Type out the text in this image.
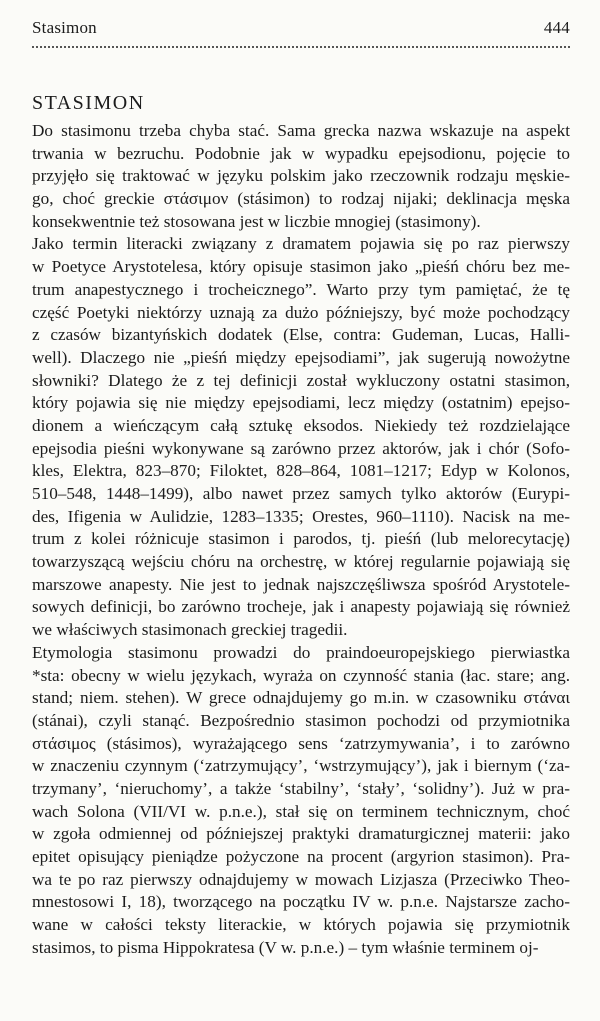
Stasimon	444
STASIMON
Do stasimonu trzeba chyba stać. Sama grecka nazwa wskazuje na aspekt
trwania w bezruchu. Podobnie jak w wypadku epejsodionu, pojęcie to
przyjęło się traktować w języku polskim jako rzeczownik rodzaju męskie-
go, choć greckie στάσιμον (stásimon) to rodzaj nijaki; deklinacja męska
konsekwentnie też stosowana jest w liczbie mnogiej (stasimony).
Jako termin literacki związany z dramatem pojawia się po raz pierwszy
w Poetyce Arystotelesa, który opisuje stasimon jako „pieśń chóru bez me-
trum anapestycznego i trocheicznego”. Warto przy tym pamiętać, że tę
część Poetyki niektórzy uznają za dużo późniejszy, być może pochodzący
z czasów bizantyńskich dodatek (Else, contra: Gudeman, Lucas, Halli-
well). Dlaczego nie „pieśń między epejsodiami”, jak sugerują nowożytne
słowniki? Dlatego że z tej definicji został wykluczony ostatni stasimon,
który pojawia się nie między epejsodiami, lecz między (ostatnim) epejso-
dionem a wieńczącym całą sztukę eksodos. Niekiedy też rozdzielające
epejsodia pieśni wykonywane są zarówno przez aktorów, jak i chór (Sofo-
kles, Elektra, 823–870; Filoktet, 828–864, 1081–1217; Edyp w Kolonos,
510–548, 1448–1499), albo nawet przez samych tylko aktorów (Eurypi-
des, Ifigenia w Aulidzie, 1283–1335; Orestes, 960–1110). Nacisk na me-
trum z kolei różnicuje stasimon i parodos, tj. pieśń (lub melorecytację)
towarzyszącą wejściu chóru na orchestrę, w której regularnie pojawiają się
marszowe anapesty. Nie jest to jednak najszczęśliwsza spośród Arystotele-
sowych definicji, bo zarówno trocheje, jak i anapesty pojawiają się również
we właściwych stasimonach greckiej tragedii.
Etymologia stasimonu prowadzi do praindoeuropejskiego pierwiastka
*sta: obecny w wielu językach, wyraża on czynność stania (łac. stare; ang.
stand; niem. stehen). W grece odnajdujemy go m.in. w czasowniku στάναι
(stánai), czyli stanąć. Bezpośrednio stasimon pochodzi od przymiotnika
στάσιμος (stásimos), wyrażającego sens ‘zatrzymywania’, i to zarówno
w znaczeniu czynnym (‘zatrzymujący’, ‘wstrzymujący’), jak i biernym (‘za-
trzymany’, ‘nieruchomy’, a także ‘stabilny’, ‘stały’, ‘solidny’). Już w pra-
wach Solona (VII/VI w. p.n.e.), stał się on terminem technicznym, choć
w zgoła odmiennej od późniejszej praktyki dramaturgicznej materii: jako
epitet opisujący pieniądze pożyczone na procent (argyrion stasimon). Pra-
wa te po raz pierwszy odnajdujemy w mowach Lizjasza (Przeciwko Theo-
mnestosowi I, 18), tworzącego na początku IV w. p.n.e. Najstarsze zacho-
wane w całości teksty literackie, w których pojawia się przymiotnik
stasimos, to pisma Hippokratesa (V w. p.n.e.) – tym właśnie terminem oj-
